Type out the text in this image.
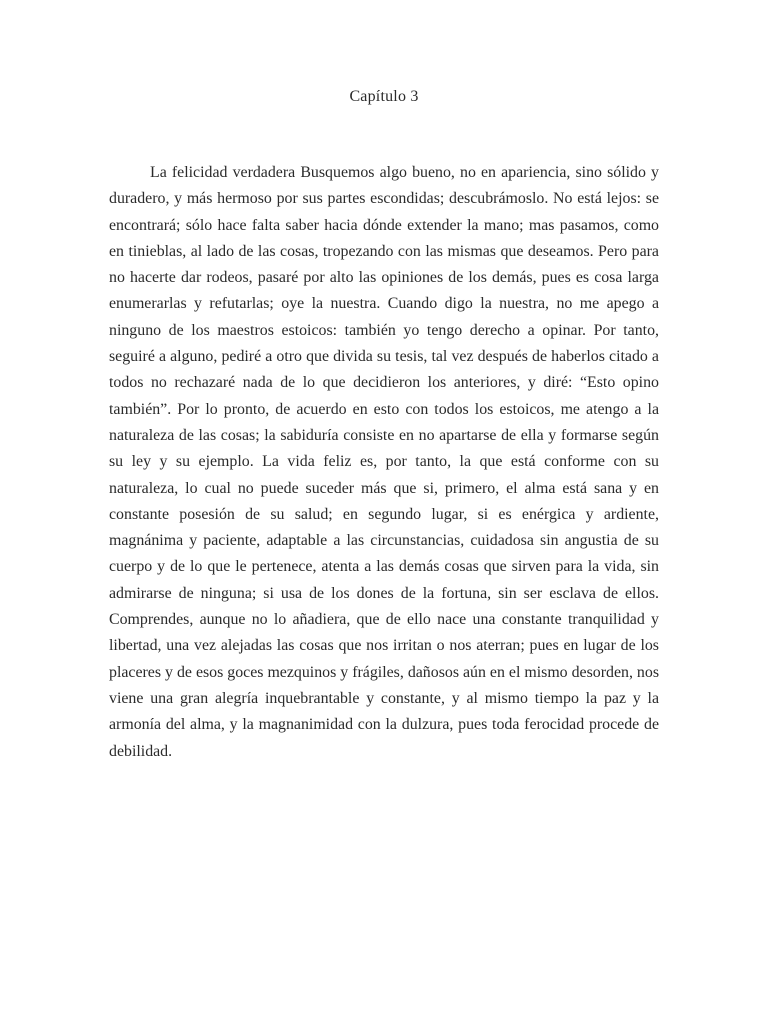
Capítulo 3

La felicidad verdadera Busquemos algo bueno, no en apariencia, sino sólido y duradero, y más hermoso por sus partes escondidas; descubrámoslo. No está lejos: se encontrará; sólo hace falta saber hacia dónde extender la mano; mas pasamos, como en tinieblas, al lado de las cosas, tropezando con las mismas que deseamos. Pero para no hacerte dar rodeos, pasaré por alto las opiniones de los demás, pues es cosa larga enumerarlas y refutarlas; oye la nuestra. Cuando digo la nuestra, no me apego a ninguno de los maestros estoicos: también yo tengo derecho a opinar. Por tanto, seguiré a alguno, pediré a otro que divida su tesis, tal vez después de haberlos citado a todos no rechazaré nada de lo que decidieron los anteriores, y diré: “Esto opino también”. Por lo pronto, de acuerdo en esto con todos los estoicos, me atengo a la naturaleza de las cosas; la sabiduría consiste en no apartarse de ella y formarse según su ley y su ejemplo. La vida feliz es, por tanto, la que está conforme con su naturaleza, lo cual no puede suceder más que si, primero, el alma está sana y en constante posesión de su salud; en segundo lugar, si es enérgica y ardiente, magnánima y paciente, adaptable a las circunstancias, cuidadosa sin angustia de su cuerpo y de lo que le pertenece, atenta a las demás cosas que sirven para la vida, sin admirarse de ninguna; si usa de los dones de la fortuna, sin ser esclava de ellos. Comprendes, aunque no lo añadiera, que de ello nace una constante tranquilidad y libertad, una vez alejadas las cosas que nos irritan o nos aterran; pues en lugar de los placeres y de esos goces mezquinos y frágiles, dañosos aún en el mismo desorden, nos viene una gran alegría inquebrantable y constante, y al mismo tiempo la paz y la armonía del alma, y la magnanimidad con la dulzura, pues toda ferocidad procede de debilidad.
